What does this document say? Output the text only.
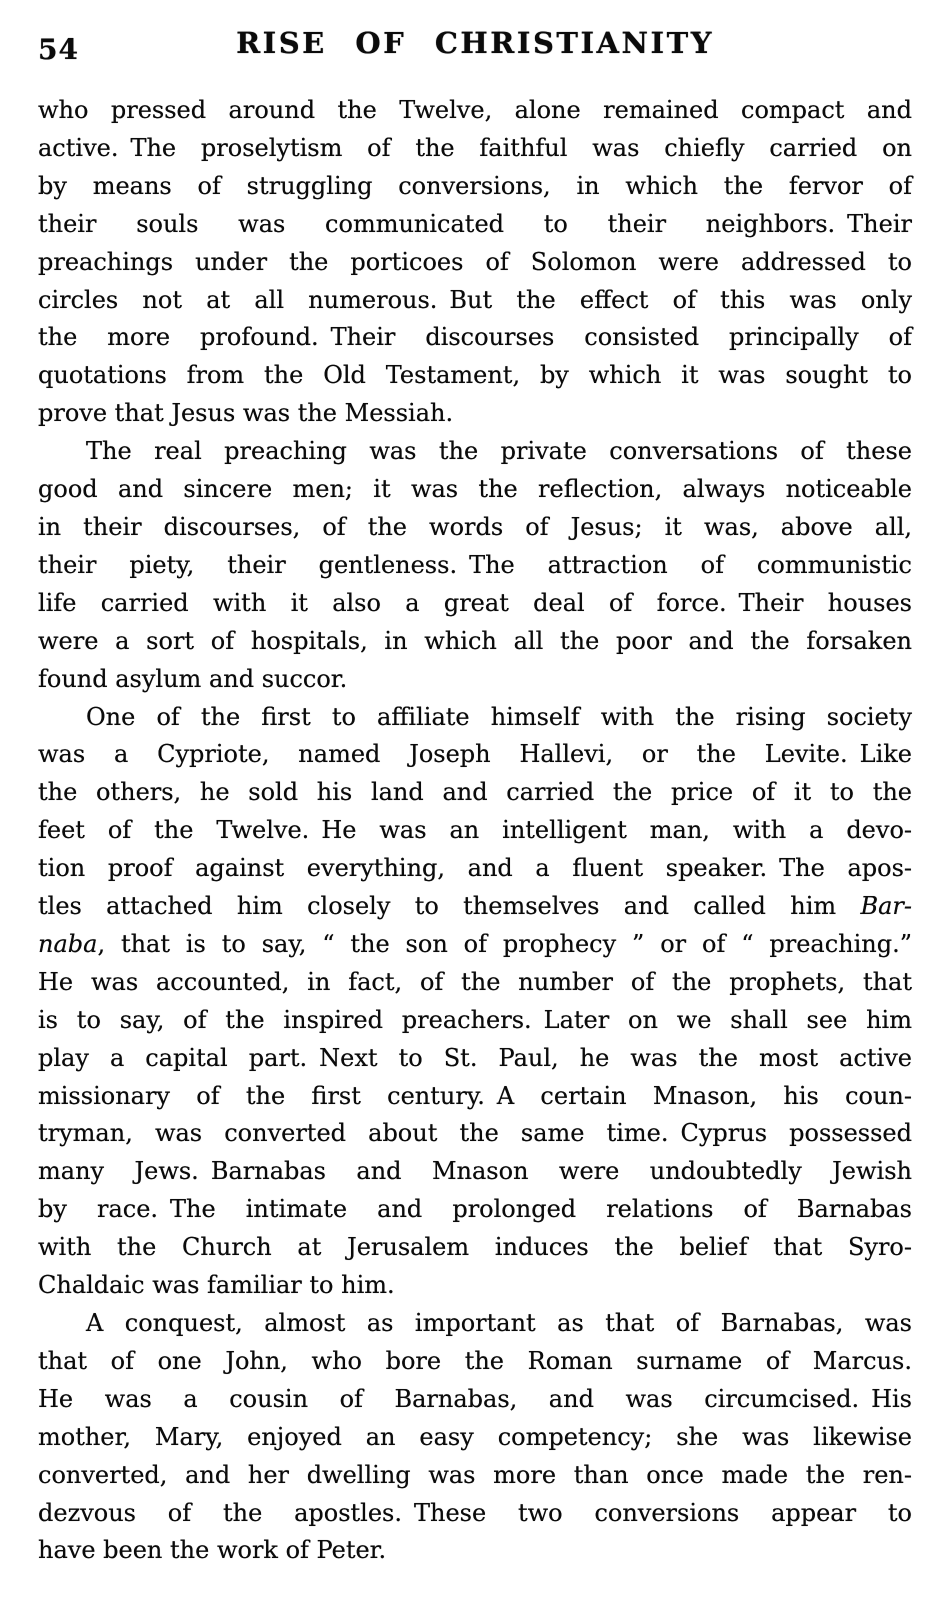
54	RISE OF CHRISTIANITY
who pressed around the Twelve, alone remained compact and
active. The proselytism of the faithful was chiefly carried on
by means of struggling conversions, in which the fervor of
their souls was communicated to their neighbors. Their
preachings under the porticoes of Solomon were addressed to
circles not at all numerous. But the effect of this was only
the more profound. Their discourses consisted principally of
quotations from the Old Testament, by which it was sought to
prove that Jesus was the Messiah.
The real preaching was the private conversations of these
good and sincere men; it was the reflection, always noticeable
in their discourses, of the words of Jesus; it was, above all,
their piety, their gentleness. The attraction of communistic
life carried with it also a great deal of force. Their houses
were a sort of hospitals, in which all the poor and the forsaken
found asylum and succor.
One of the first to affiliate himself with the rising society
was a Cypriote, named Joseph Hallevi, or the Levite. Like
the others, he sold his land and carried the price of it to the
feet of the Twelve. He was an intelligent man, with a devo-
tion proof against everything, and a fluent speaker. The apos-
tles attached him closely to themselves and called him Bar-
naba, that is to say, “ the son of prophecy ” or of “ preaching.”
He was accounted, in fact, of the number of the prophets, that
is to say, of the inspired preachers. Later on we shall see him
play a capital part. Next to St. Paul, he was the most active
missionary of the first century. A certain Mnason, his coun-
tryman, was converted about the same time. Cyprus possessed
many Jews. Barnabas and Mnason were undoubtedly Jewish
by race. The intimate and prolonged relations of Barnabas
with the Church at Jerusalem induces the belief that Syro-
Chaldaic was familiar to him.
A conquest, almost as important as that of Barnabas, was
that of one John, who bore the Roman surname of Marcus.
He was a cousin of Barnabas, and was circumcised. His
mother, Mary, enjoyed an easy competency; she was likewise
converted, and her dwelling was more than once made the ren-
dezvous of the apostles. These two conversions appear to
have been the work of Peter.
